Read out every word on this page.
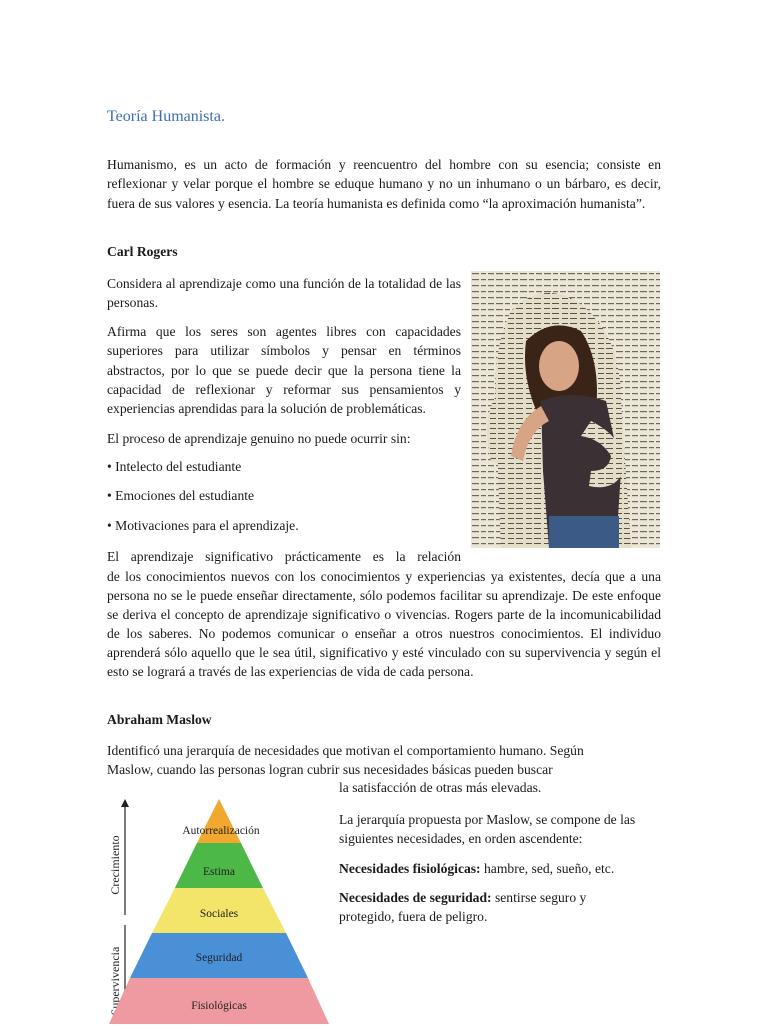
Teoría Humanista.

Humanismo, es un acto de formación y reencuentro del hombre con su esencia; consiste en reflexionar y velar porque el hombre se eduque humano y no un inhumano o un bárbaro, es decir, fuera de sus valores y esencia. La teoría humanista es definida como “la aproximación humanista”.

Carl Rogers

Considera al aprendizaje como una función de la totalidad de las personas.

Afirma que los seres son agentes libres con capacidades superiores para utilizar símbolos y pensar en términos abstractos, por lo que se puede decir que la persona tiene la capacidad de reflexionar y reformar sus pensamientos y experiencias aprendidas para la solución de problemáticas.

El proceso de aprendizaje genuino no puede ocurrir sin:

• Intelecto del estudiante

• Emociones del estudiante

• Motivaciones para el aprendizaje.

El aprendizaje significativo prácticamente es la relación

de los conocimientos nuevos con los conocimientos y experiencias ya existentes, decía que a una persona no se le puede enseñar directamente, sólo podemos facilitar su aprendizaje. De este enfoque se deriva el concepto de aprendizaje significativo o vivencias. Rogers parte de la incomunicabilidad de los saberes. No podemos comunicar o enseñar a otros nuestros conocimientos. El individuo aprenderá sólo aquello que le sea útil, significativo y esté vinculado con su supervivencia y según el esto se logrará a través de las experiencias de vida de cada persona.

Abraham Maslow

Identificó una jerarquía de necesidades que motivan el comportamiento humano. Según Maslow, cuando las personas logran cubrir sus necesidades básicas pueden buscar

la satisfacción de otras más elevadas.

La jerarquía propuesta por Maslow, se compone de las siguientes necesidades, en orden ascendente:

Necesidades fisiológicas: hambre, sed, sueño, etc.

Necesidades de seguridad: sentirse seguro y protegido, fuera de peligro.

Crecimiento
Supervivencia
Autorrealización
Estima
Sociales
Seguridad
Fisiológicas
